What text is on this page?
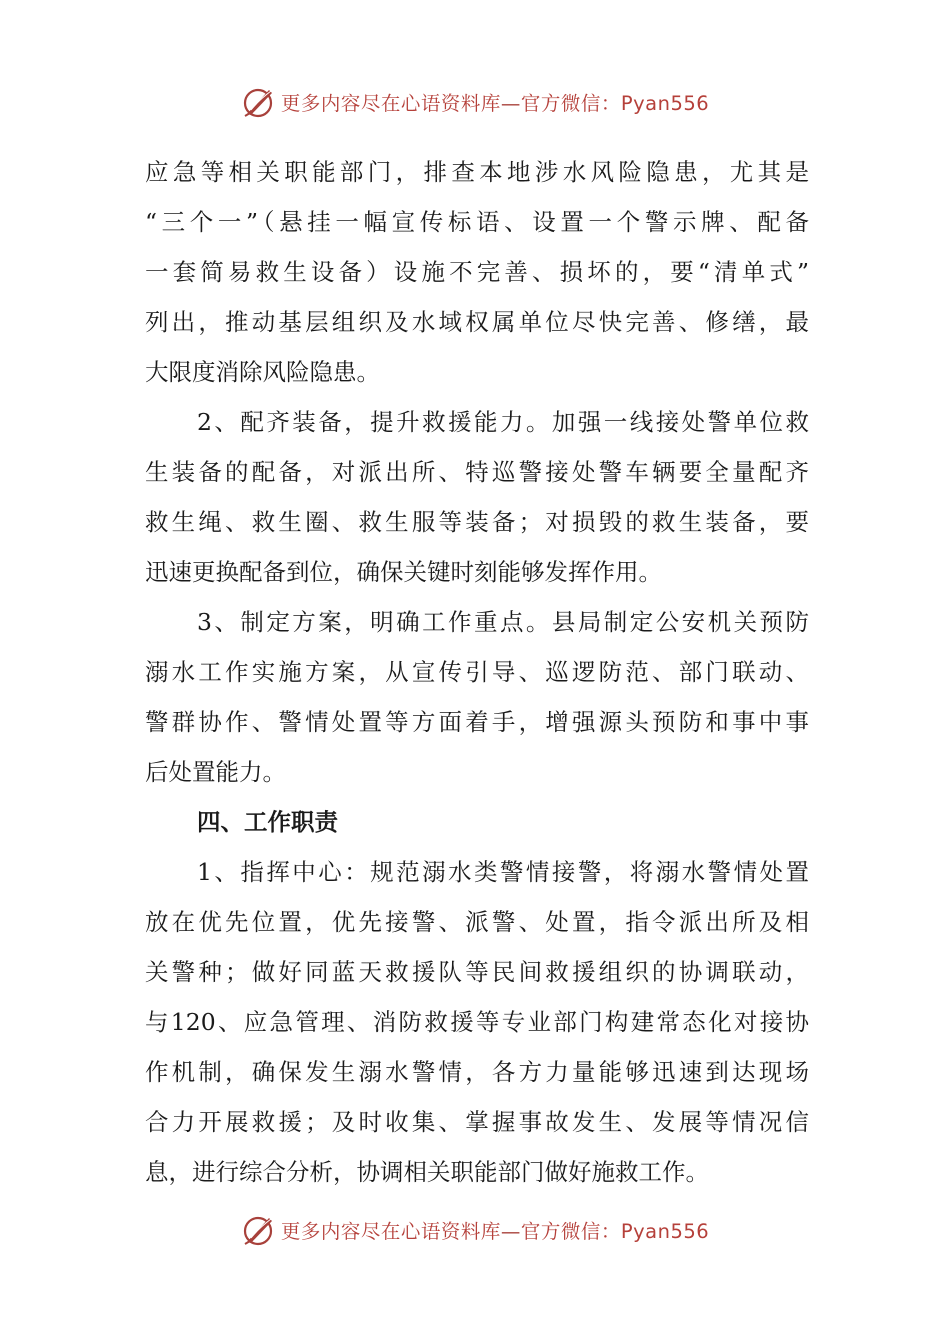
更多内容尽在心语资料库—官方微信：Pyan556
应急等相关职能部门，排查本地涉水风险隐患，尤其是
“三个一”（悬挂一幅宣传标语、设置一个警示牌、配备
一套简易救生设备）设施不完善、损坏的，要“清单式”
列出，推动基层组织及水域权属单位尽快完善、修缮，最
大限度消除风险隐患。
2、配齐装备，提升救援能力。加强一线接处警单位救
生装备的配备，对派出所、特巡警接处警车辆要全量配齐
救生绳、救生圈、救生服等装备；对损毁的救生装备，要
迅速更换配备到位，确保关键时刻能够发挥作用。
3、制定方案，明确工作重点。县局制定公安机关预防
溺水工作实施方案，从宣传引导、巡逻防范、部门联动、
警群协作、警情处置等方面着手，增强源头预防和事中事
后处置能力。
四、工作职责
1、指挥中心：规范溺水类警情接警，将溺水警情处置
放在优先位置，优先接警、派警、处置，指令派出所及相
关警种；做好同蓝天救援队等民间救援组织的协调联动，
与120、应急管理、消防救援等专业部门构建常态化对接协
作机制，确保发生溺水警情，各方力量能够迅速到达现场
合力开展救援；及时收集、掌握事故发生、发展等情况信
息，进行综合分析，协调相关职能部门做好施救工作。
更多内容尽在心语资料库—官方微信：Pyan556
